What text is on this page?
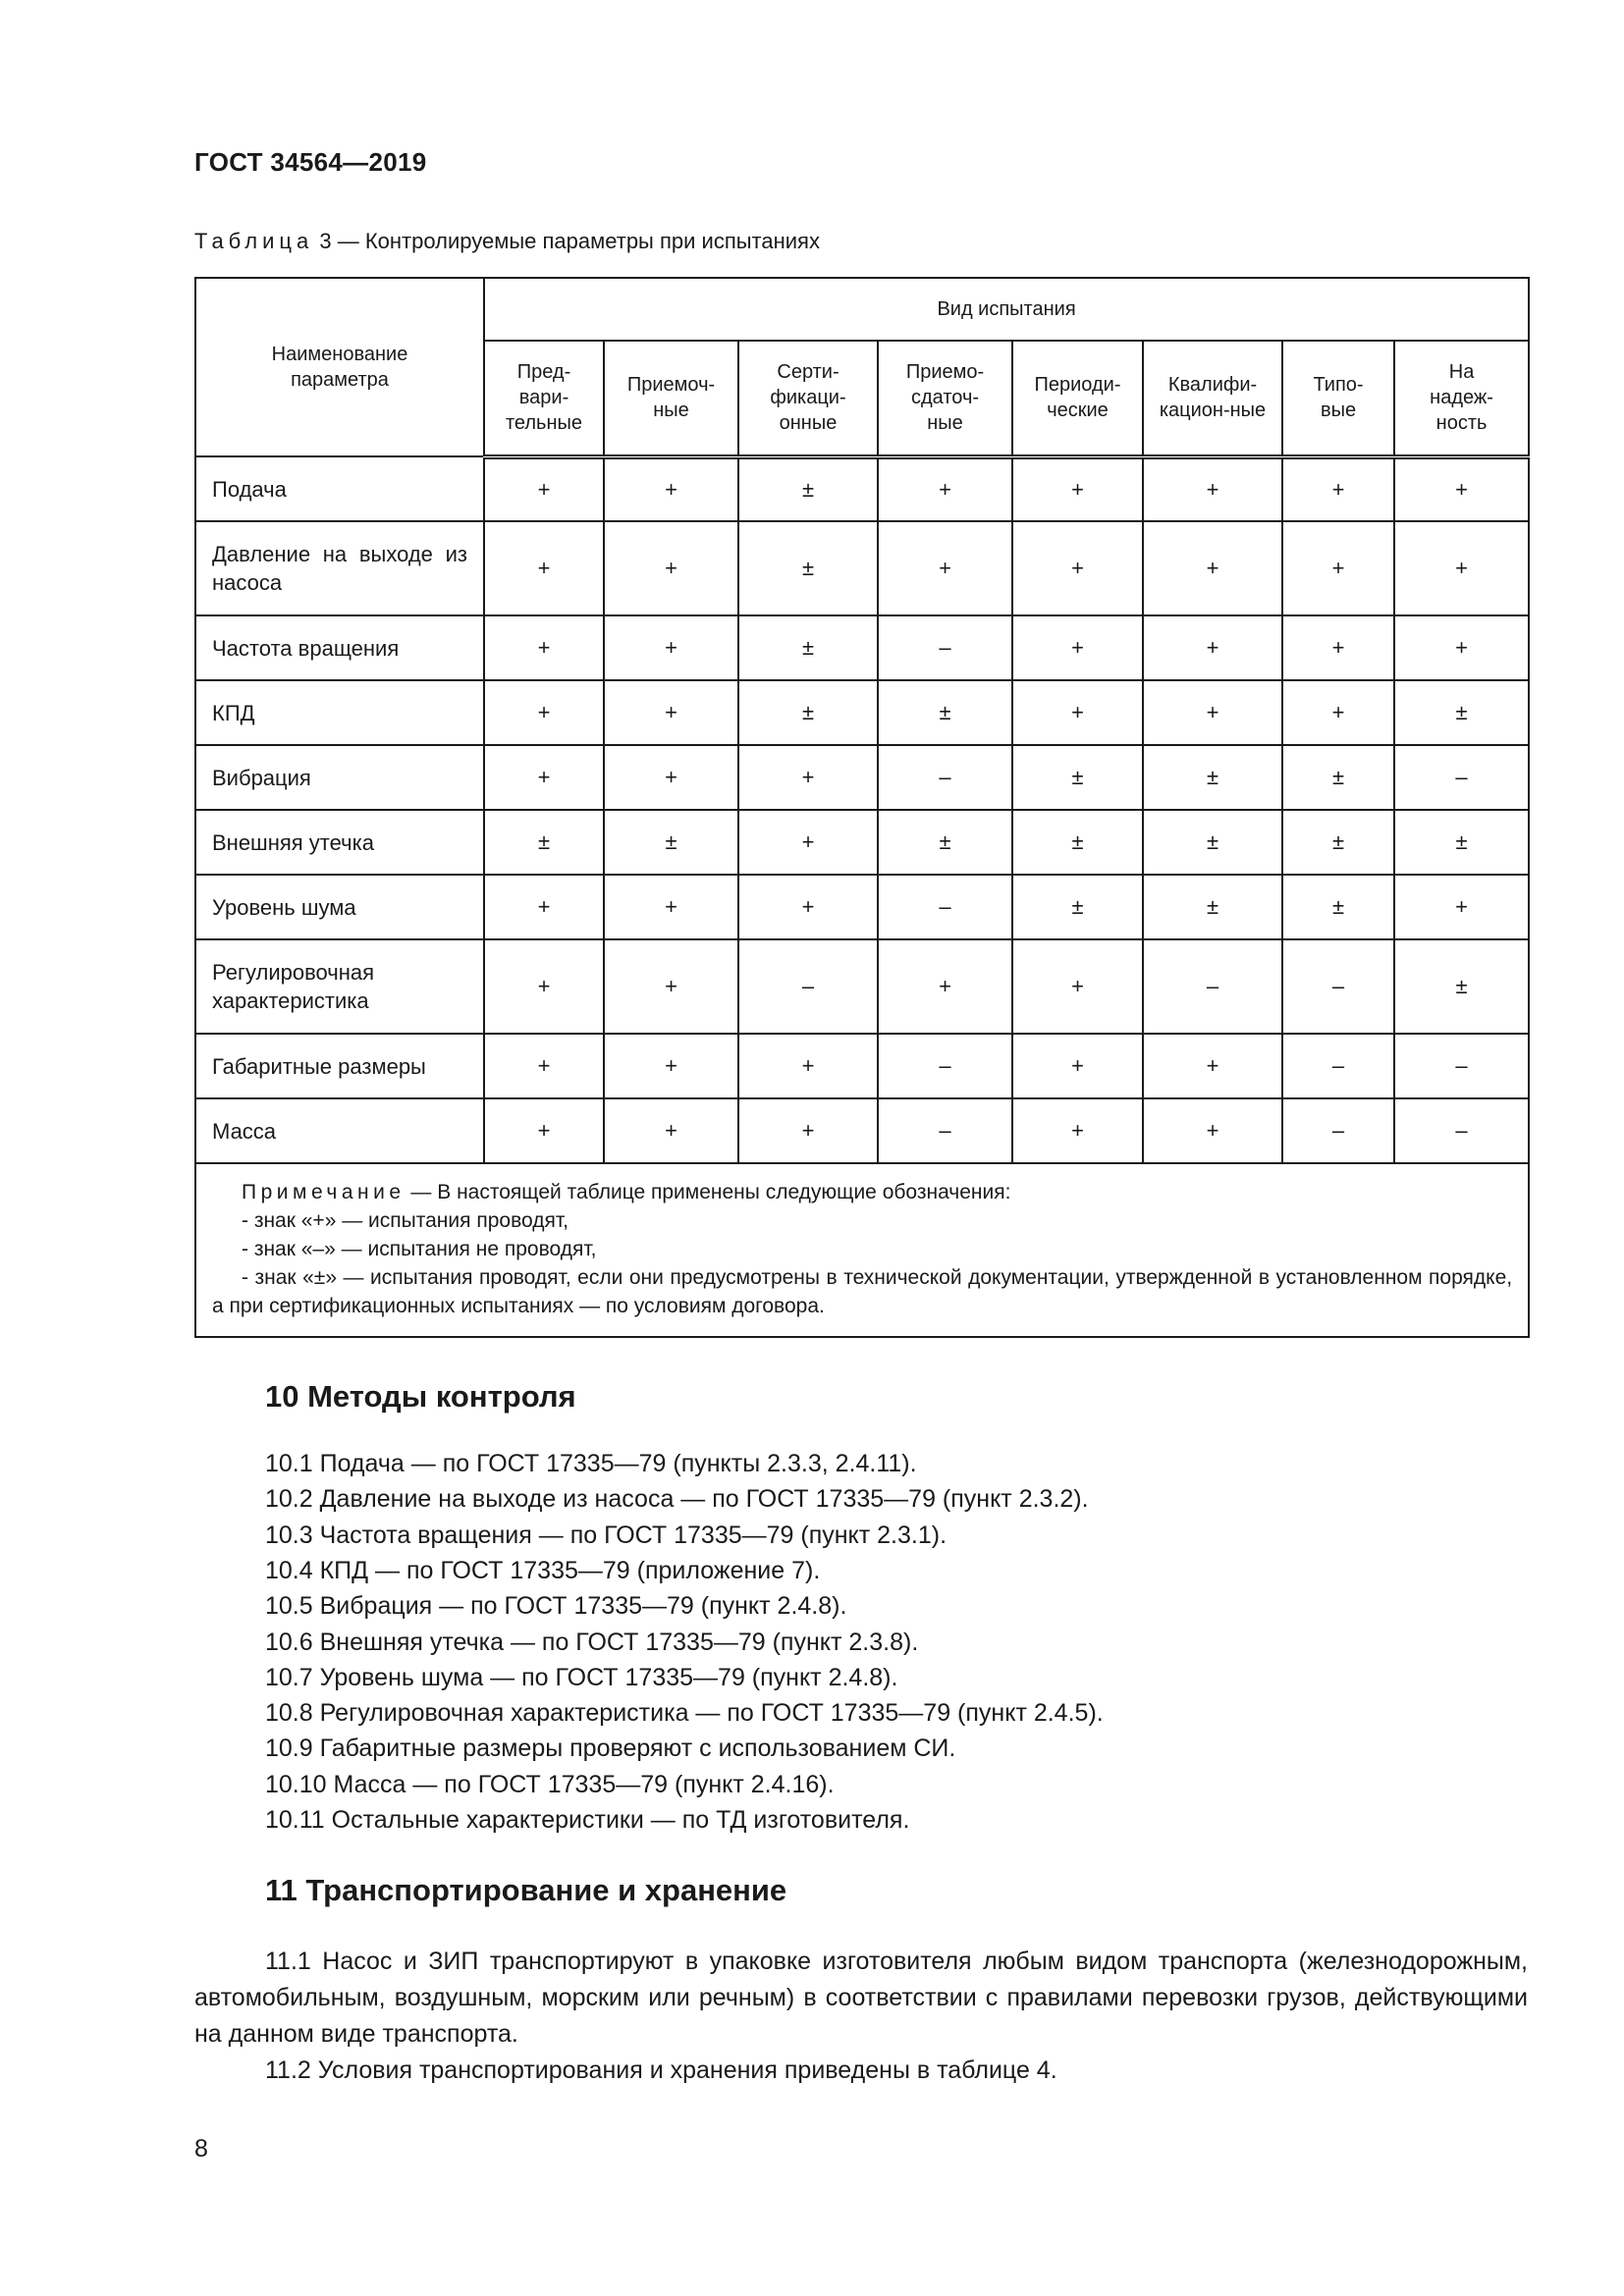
ГОСТ 34564—2019
Таблица 3 — Контролируемые параметры при испытаниях
Наименование параметра	Вид испытания							
	Пред-вари-тельные	Приемоч-ные	Серти-фикаци-онные	Приемо-сдаточ-ные	Периоди-ческие	Квалифи-кацион-ные	Типо-вые	На надеж-ность
Подача	+	+	±	+	+	+	+	+
Давление на выходе из насоса	+	+	±	+	+	+	+	+
Частота вращения	+	+	±	–	+	+	+	+
КПД	+	+	±	±	+	+	+	±
Вибрация	+	+	+	–	±	±	±	–
Внешняя утечка	±	±	+	±	±	±	±	±
Уровень шума	+	+	+	–	±	±	±	+
Регулировочная характеристика	+	+	–	+	+	–	–	±
Габаритные размеры	+	+	+	–	+	+	–	–
Масса	+	+	+	–	+	+	–	–

Примечание — В настоящей таблице применены следующие обозначения:
- знак «+» — испытания проводят,
- знак «–» — испытания не проводят,
- знак «±» — испытания проводят, если они предусмотрены в технической документации, утвержденной в установленном порядке, а при сертификационных испытаниях — по условиям договора.								
10 Методы контроля
10.1 Подача — по ГОСТ 17335—79 (пункты 2.3.3, 2.4.11).
10.2 Давление на выходе из насоса — по ГОСТ 17335—79 (пункт 2.3.2).
10.3 Частота вращения — по ГОСТ 17335—79 (пункт 2.3.1).
10.4 КПД — по ГОСТ 17335—79 (приложение 7).
10.5 Вибрация — по ГОСТ 17335—79 (пункт 2.4.8).
10.6 Внешняя утечка — по ГОСТ 17335—79 (пункт 2.3.8).
10.7 Уровень шума — по ГОСТ 17335—79 (пункт 2.4.8).
10.8 Регулировочная характеристика — по ГОСТ 17335—79 (пункт 2.4.5).
10.9 Габаритные размеры проверяют с использованием СИ.
10.10 Масса — по ГОСТ 17335—79 (пункт 2.4.16).
10.11 Остальные характеристики — по ТД изготовителя.
11 Транспортирование и хранение
11.1 Насос и ЗИП транспортируют в упаковке изготовителя любым видом транспорта (железнодорожным, автомобильным, воздушным, морским или речным) в соответствии с правилами перевозки грузов, действующими на данном виде транспорта.
11.2 Условия транспортирования и хранения приведены в таблице 4.
8
